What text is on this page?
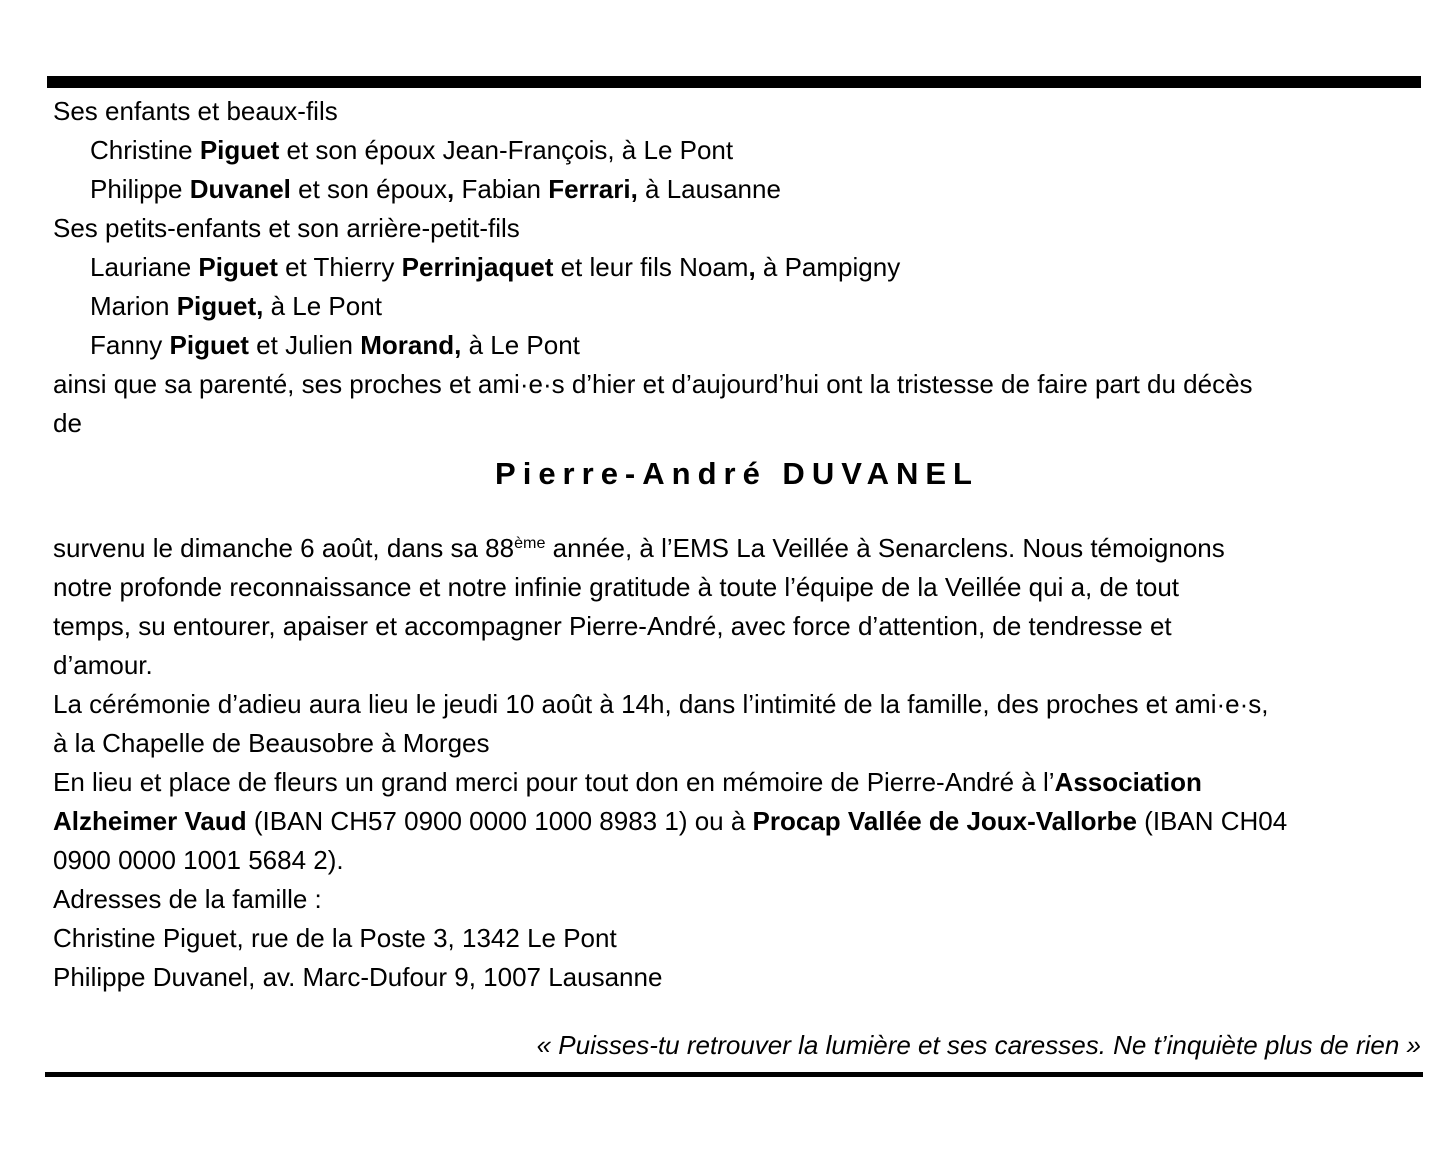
Ses enfants et beaux-fils
Christine Piguet et son époux Jean-François, à Le Pont
Philippe Duvanel et son époux, Fabian Ferrari, à Lausanne
Ses petits-enfants et son arrière-petit-fils
Lauriane Piguet et Thierry Perrinjaquet et leur fils Noam, à Pampigny
Marion Piguet, à Le Pont
Fanny Piguet et Julien Morand, à Le Pont
ainsi que sa parenté, ses proches et ami·e·s d’hier et d’aujourd’hui ont la tristesse de faire part du décès
de
Pierre-André DUVANEL
survenu le dimanche 6 août, dans sa 88ème année, à l’EMS La Veillée à Senarclens. Nous témoignons
notre profonde reconnaissance et notre infinie gratitude à toute l’équipe de la Veillée qui a, de tout
temps, su entourer, apaiser et accompagner Pierre-André, avec force d’attention, de tendresse et
d’amour.
La cérémonie d’adieu aura lieu le jeudi 10 août à 14h, dans l’intimité de la famille, des proches et ami·e·s,
à la Chapelle de Beausobre à Morges
En lieu et place de fleurs un grand merci pour tout don en mémoire de Pierre-André à l’Association
Alzheimer Vaud (IBAN CH57 0900 0000 1000 8983 1) ou à Procap Vallée de Joux-Vallorbe (IBAN CH04
0900 0000 1001 5684 2).
Adresses de la famille :
Christine Piguet, rue de la Poste 3, 1342 Le Pont
Philippe Duvanel, av. Marc-Dufour 9, 1007 Lausanne
« Puisses-tu retrouver la lumière et ses caresses. Ne t’inquiète plus de rien »
